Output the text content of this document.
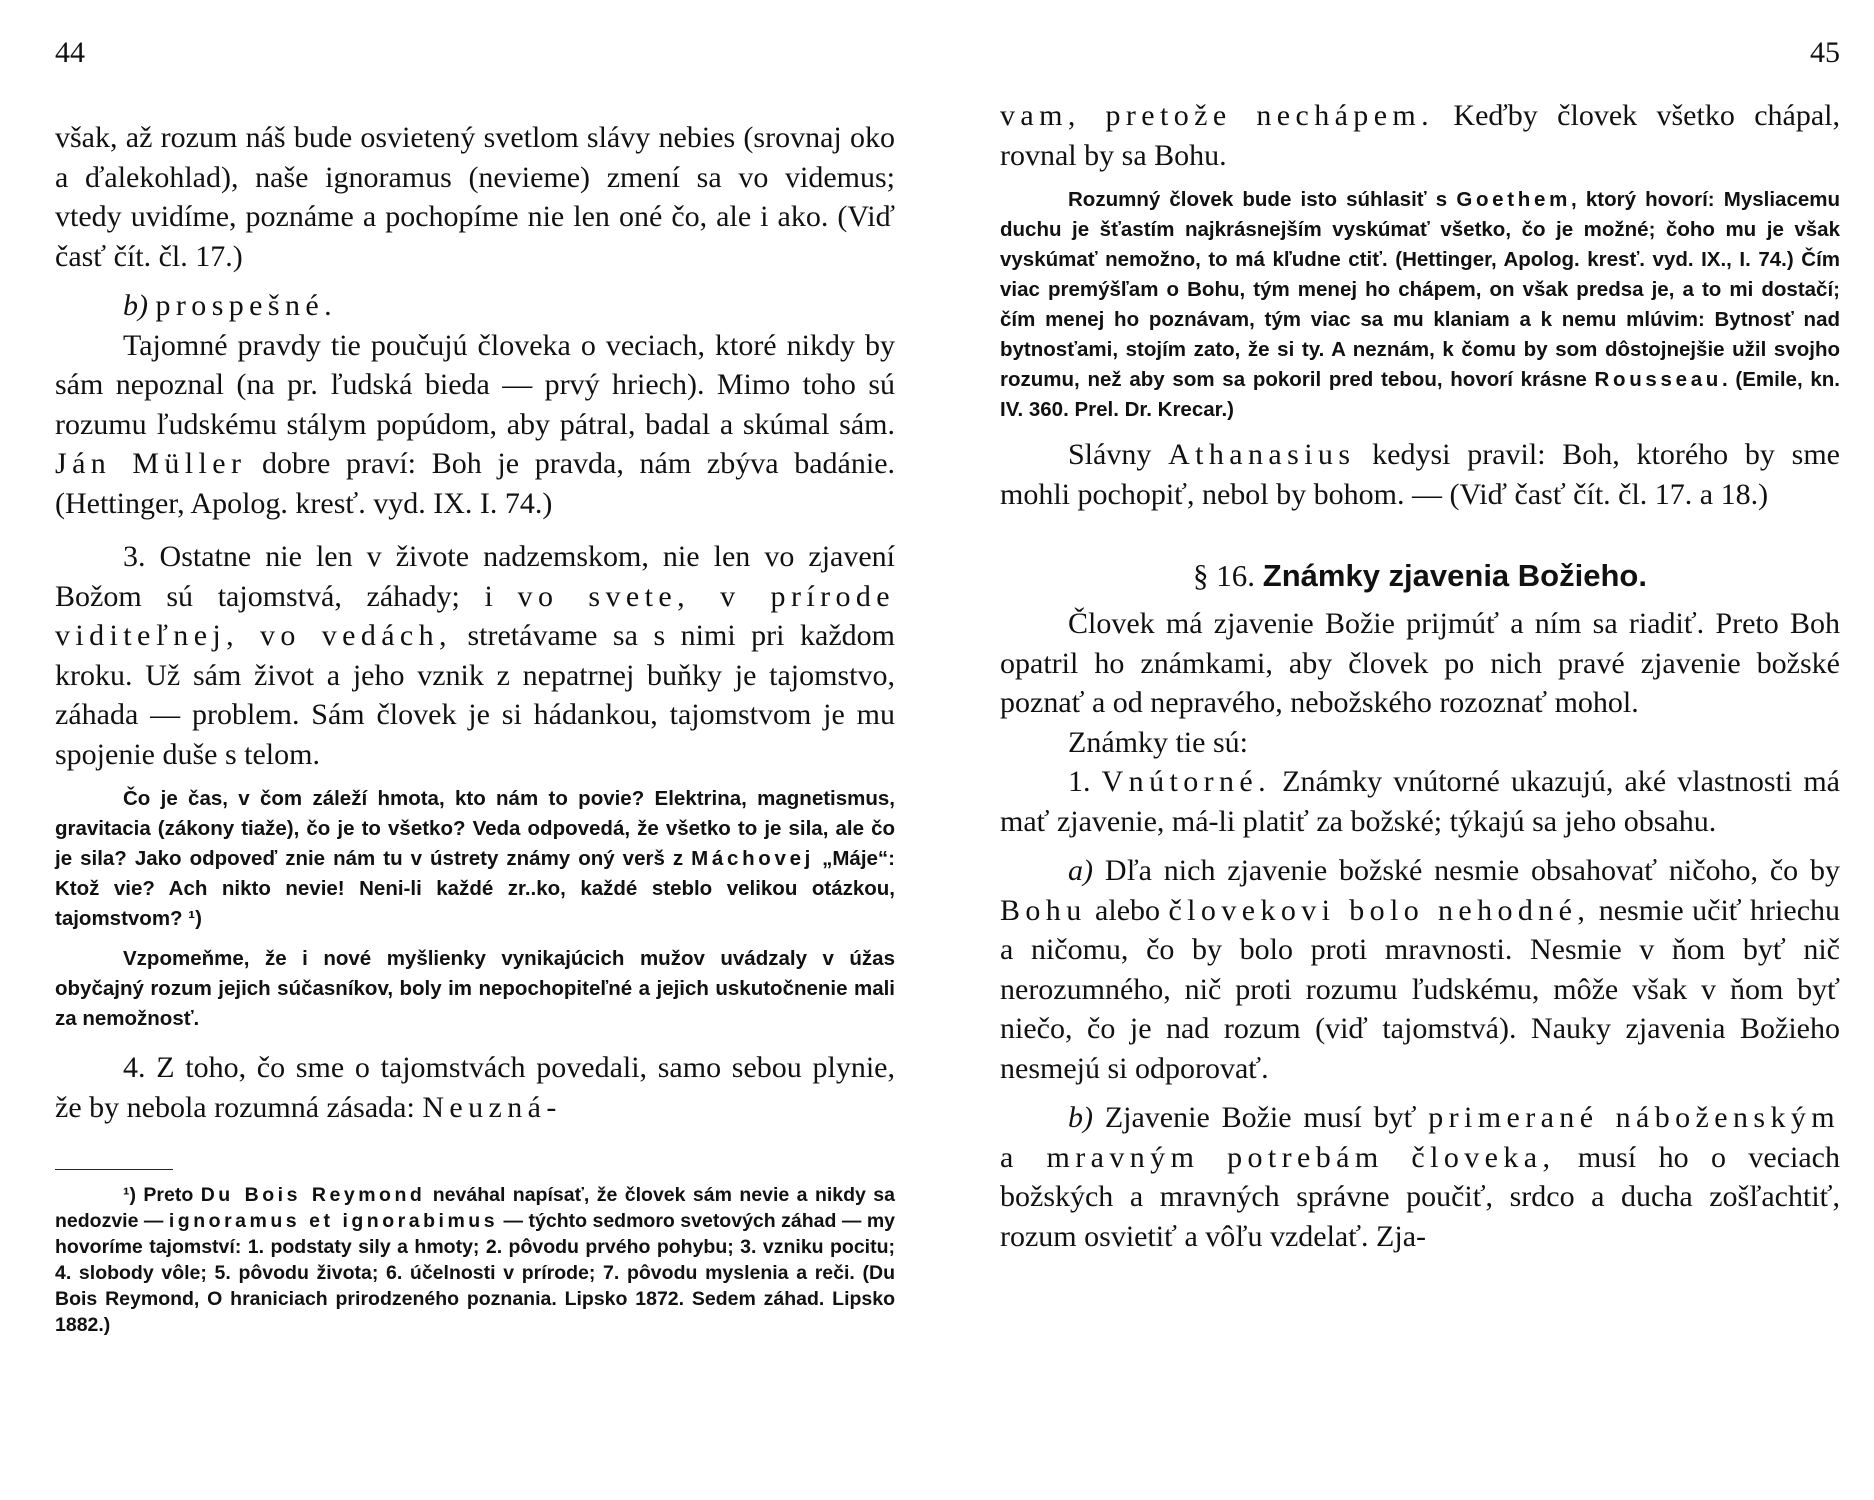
44

však, až rozum náš bude osvietený svetlom slávy nebies (srovnaj oko a ďalekohlad), naše ignoramus (nevieme) zmení sa vo videmus; vtedy uvidíme, poznáme a pochopíme nie len oné čo, ale i ako. (Viď časť čít. čl. 17.)

b) prospešné.

Tajomné pravdy tie poučujú človeka o veciach, ktoré nikdy by sám nepoznal (na pr. ľudská bieda — prvý hriech). Mimo toho sú rozumu ľudskému stálym popúdom, aby pátral, badal a skúmal sám. Ján Müller dobre praví: Boh je pravda, nám zbýva badánie. (Hettinger, Apolog. kresť. vyd. IX. I. 74.)

3. Ostatne nie len v živote nadzemskom, nie len vo zjavení Božom sú tajomstvá, záhady; i vo svete, v prírode viditeľnej, vo vedách, stretávame sa s nimi pri každom kroku. Už sám život a jeho vznik z nepatrnej buňky je tajomstvo, záhada — problem. Sám človek je si hádankou, tajomstvom je mu spojenie duše s telom.

Čo je čas, v čom záleží hmota, kto nám to povie? Elektrina, magnetismus, gravitacia (zákony tiaže), čo je to všetko? Veda odpovedá, že všetko to je sila, ale čo je sila? Jako odpoveď znie nám tu v ústrety známy oný verš z Máchovej „Máje“: Ktož vie? Ach nikto nevie! Neni-li každé zr..ko, každé steblo velikou otázkou, tajomstvom? ¹)

Vzpomeňme, že i nové myšlienky vynikajúcich mužov uvádzaly v úžas obyčajný rozum jejich súčasníkov, boly im nepochopiteľné a jejich uskutočnenie mali za nemožnosť.

4. Z toho, čo sme o tajomstvách povedali, samo sebou plynie, že by nebola rozumná zásada: Neuzná-

¹) Preto Du Bois Reymond neváhal napísať, že človek sám nevie a nikdy sa nedozvie — ignoramus et ignorabimus — týchto sedmoro svetových záhad — my hovoríme tajomství: 1. podstaty sily a hmoty; 2. pôvodu prvého pohybu; 3. vzniku pocitu; 4. slobody vôle; 5. pôvodu života; 6. účelnosti v prírode; 7. pôvodu myslenia a reči. (Du Bois Reymond, O hraniciach prirodzeného poznania. Lipsko 1872. Sedem záhad. Lipsko 1882.)

45

vam, pretože nechápem. Keďby človek všetko chápal, rovnal by sa Bohu.

Rozumný človek bude isto súhlasiť s Goethem, ktorý hovorí: Mysliacemu duchu je šťastím najkrásnejším vyskúmať všetko, čo je možné; čoho mu je však vyskúmať nemožno, to má kľudne ctiť. (Hettinger, Apolog. kresť. vyd. IX., I. 74.) Čím viac premýšľam o Bohu, tým menej ho chápem, on však predsa je, a to mi dostačí; čím menej ho poznávam, tým viac sa mu klaniam a k nemu mlúvim: Bytnosť nad bytnosťami, stojím zato, že si ty. A neznám, k čomu by som dôstojnejšie užil svojho rozumu, než aby som sa pokoril pred tebou, hovorí krásne Rousseau. (Emile, kn. IV. 360. Prel. Dr. Krecar.)

Slávny Athanasius kedysi pravil: Boh, ktorého by sme mohli pochopiť, nebol by bohom. — (Viď časť čít. čl. 17. a 18.)

§ 16. Známky zjavenia Božieho.

Človek má zjavenie Božie prijmúť a ním sa riadiť. Preto Boh opatril ho známkami, aby človek po nich pravé zjavenie božské poznať a od nepravého, nebožského rozoznať mohol.

Známky tie sú:

1. Vnútorné. Známky vnútorné ukazujú, aké vlastnosti má mať zjavenie, má-li platiť za božské; týkajú sa jeho obsahu.

a) Dľa nich zjavenie božské nesmie obsahovať ničoho, čo by Bohu alebo človekovi bolo nehodné, nesmie učiť hriechu a ničomu, čo by bolo proti mravnosti. Nesmie v ňom byť nič nerozumného, nič proti rozumu ľudskému, môže však v ňom byť niečo, čo je nad rozum (viď tajomstvá). Nauky zjavenia Božieho nesmejú si odporovať.

b) Zjavenie Božie musí byť primerané náboženským a mravným potrebám človeka, musí ho o veciach božských a mravných správne poučiť, srdco a ducha zošľachtiť, rozum osvietiť a vôľu vzdelať. Zja-
